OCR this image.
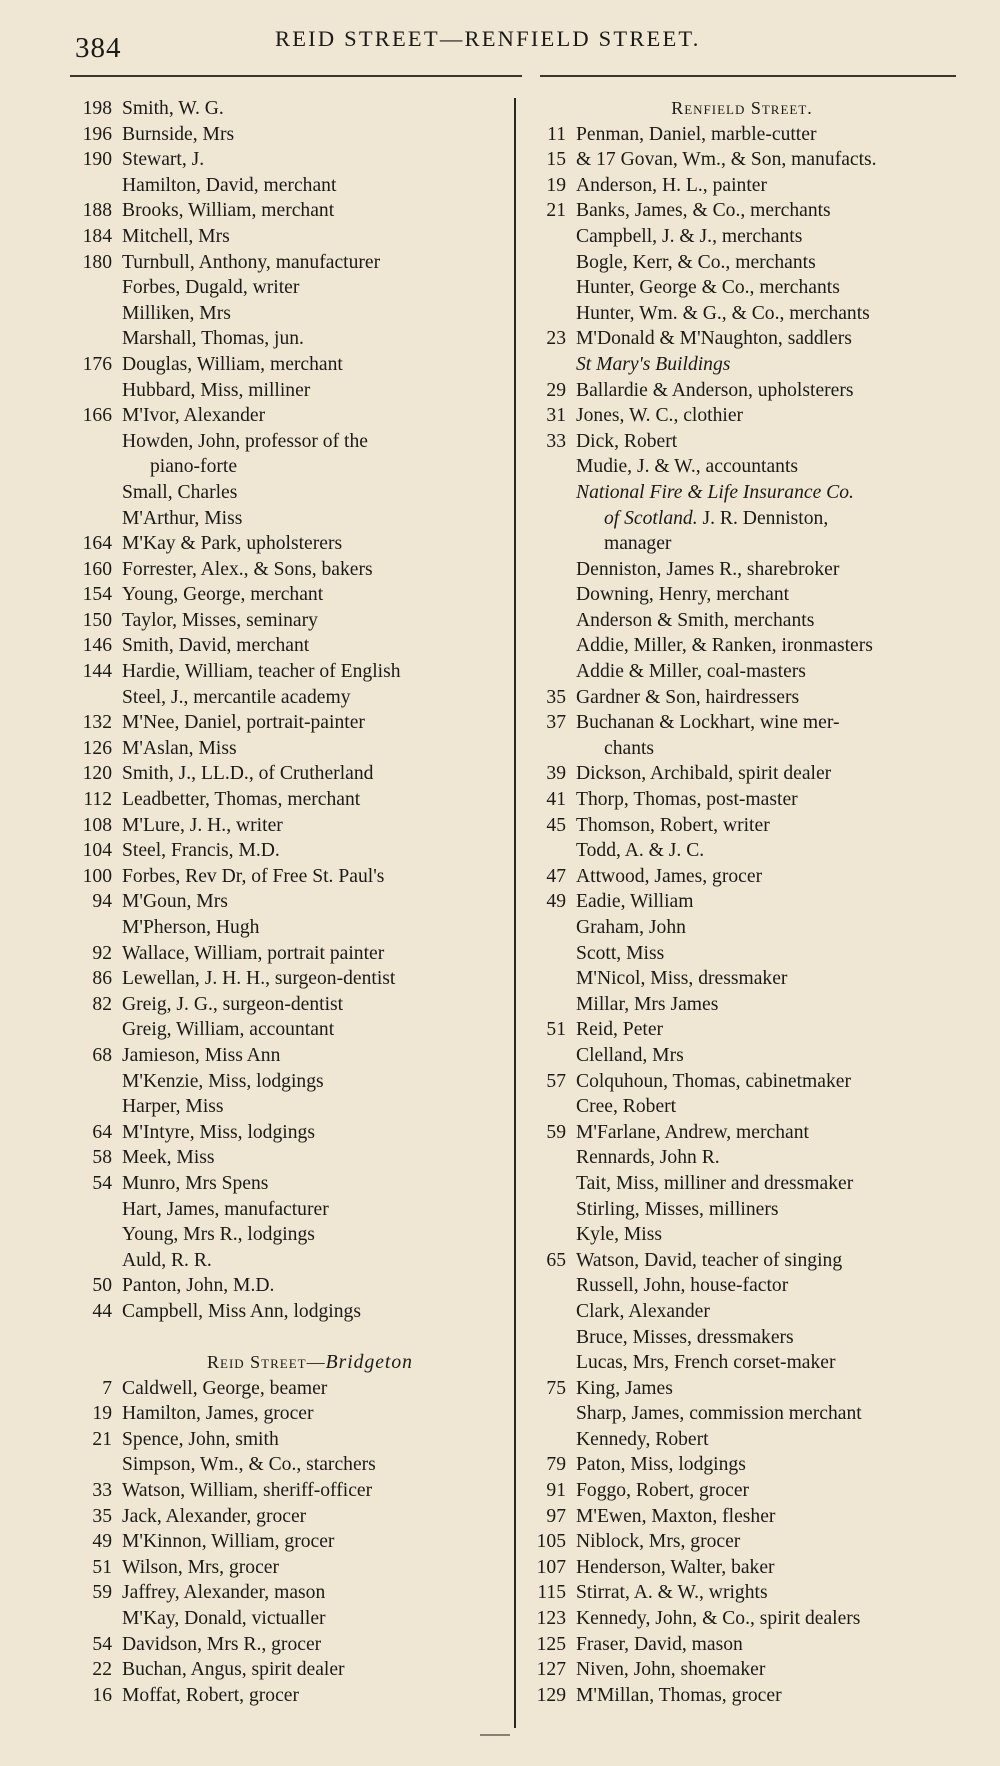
384	REID STREET—RENFIELD STREET.
198 Smith, W. G.
196 Burnside, Mrs
190 Stewart, J.
Hamilton, David, merchant
188 Brooks, William, merchant
184 Mitchell, Mrs
180 Turnbull, Anthony, manufacturer
Forbes, Dugald, writer
Milliken, Mrs
Marshall, Thomas, jun.
176 Douglas, William, merchant
Hubbard, Miss, milliner
166 M'Ivor, Alexander
Howden, John, professor of the
piano-forte
Small, Charles
M'Arthur, Miss
164 M'Kay & Park, upholsterers
160 Forrester, Alex., & Sons, bakers
154 Young, George, merchant
150 Taylor, Misses, seminary
146 Smith, David, merchant
144 Hardie, William, teacher of English
Steel, J., mercantile academy
132 M'Nee, Daniel, portrait-painter
126 M'Aslan, Miss
120 Smith, J., LL.D., of Crutherland
112 Leadbetter, Thomas, merchant
108 M'Lure, J. H., writer
104 Steel, Francis, M.D.
100 Forbes, Rev Dr, of Free St. Paul's
94 M'Goun, Mrs
M'Pherson, Hugh
92 Wallace, William, portrait painter
86 Lewellan, J. H. H., surgeon-dentist
82 Greig, J. G., surgeon-dentist
Greig, William, accountant
68 Jamieson, Miss Ann
M'Kenzie, Miss, lodgings
Harper, Miss
64 M'Intyre, Miss, lodgings
58 Meek, Miss
54 Munro, Mrs Spens
Hart, James, manufacturer
Young, Mrs R., lodgings
Auld, R. R.
50 Panton, John, M.D.
44 Campbell, Miss Ann, lodgings
Reid Street—Bridgeton
7 Caldwell, George, beamer
19 Hamilton, James, grocer
21 Spence, John, smith
Simpson, Wm., & Co., starchers
33 Watson, William, sheriff-officer
35 Jack, Alexander, grocer
49 M'Kinnon, William, grocer
51 Wilson, Mrs, grocer
59 Jaffrey, Alexander, mason
M'Kay, Donald, victualler
54 Davidson, Mrs R., grocer
22 Buchan, Angus, spirit dealer
16 Moffat, Robert, grocer
Renfield Street.
11 Penman, Daniel, marble-cutter
15 & 17 Govan, Wm., & Son, manufacts.
19 Anderson, H. L., painter
21 Banks, James, & Co., merchants
Campbell, J. & J., merchants
Bogle, Kerr, & Co., merchants
Hunter, George & Co., merchants
Hunter, Wm. & G., & Co., merchants
23 M'Donald & M'Naughton, saddlers
St Mary's Buildings
29 Ballardie & Anderson, upholsterers
31 Jones, W. C., clothier
33 Dick, Robert
Mudie, J. & W., accountants
National Fire & Life Insurance Co.
of Scotland. J. R. Denniston,
manager
Denniston, James R., sharebroker
Downing, Henry, merchant
Anderson & Smith, merchants
Addie, Miller, & Ranken, ironmasters
Addie & Miller, coal-masters
35 Gardner & Son, hairdressers
37 Buchanan & Lockhart, wine mer-
chants
39 Dickson, Archibald, spirit dealer
41 Thorp, Thomas, post-master
45 Thomson, Robert, writer
Todd, A. & J. C.
47 Attwood, James, grocer
49 Eadie, William
Graham, John
Scott, Miss
M'Nicol, Miss, dressmaker
Millar, Mrs James
51 Reid, Peter
Clelland, Mrs
57 Colquhoun, Thomas, cabinetmaker
Cree, Robert
59 M'Farlane, Andrew, merchant
Rennards, John R.
Tait, Miss, milliner and dressmaker
Stirling, Misses, milliners
Kyle, Miss
65 Watson, David, teacher of singing
Russell, John, house-factor
Clark, Alexander
Bruce, Misses, dressmakers
Lucas, Mrs, French corset-maker
75 King, James
Sharp, James, commission merchant
Kennedy, Robert
79 Paton, Miss, lodgings
91 Foggo, Robert, grocer
97 M'Ewen, Maxton, flesher
105 Niblock, Mrs, grocer
107 Henderson, Walter, baker
115 Stirrat, A. & W., wrights
123 Kennedy, John, & Co., spirit dealers
125 Fraser, David, mason
127 Niven, John, shoemaker
129 M'Millan, Thomas, grocer
